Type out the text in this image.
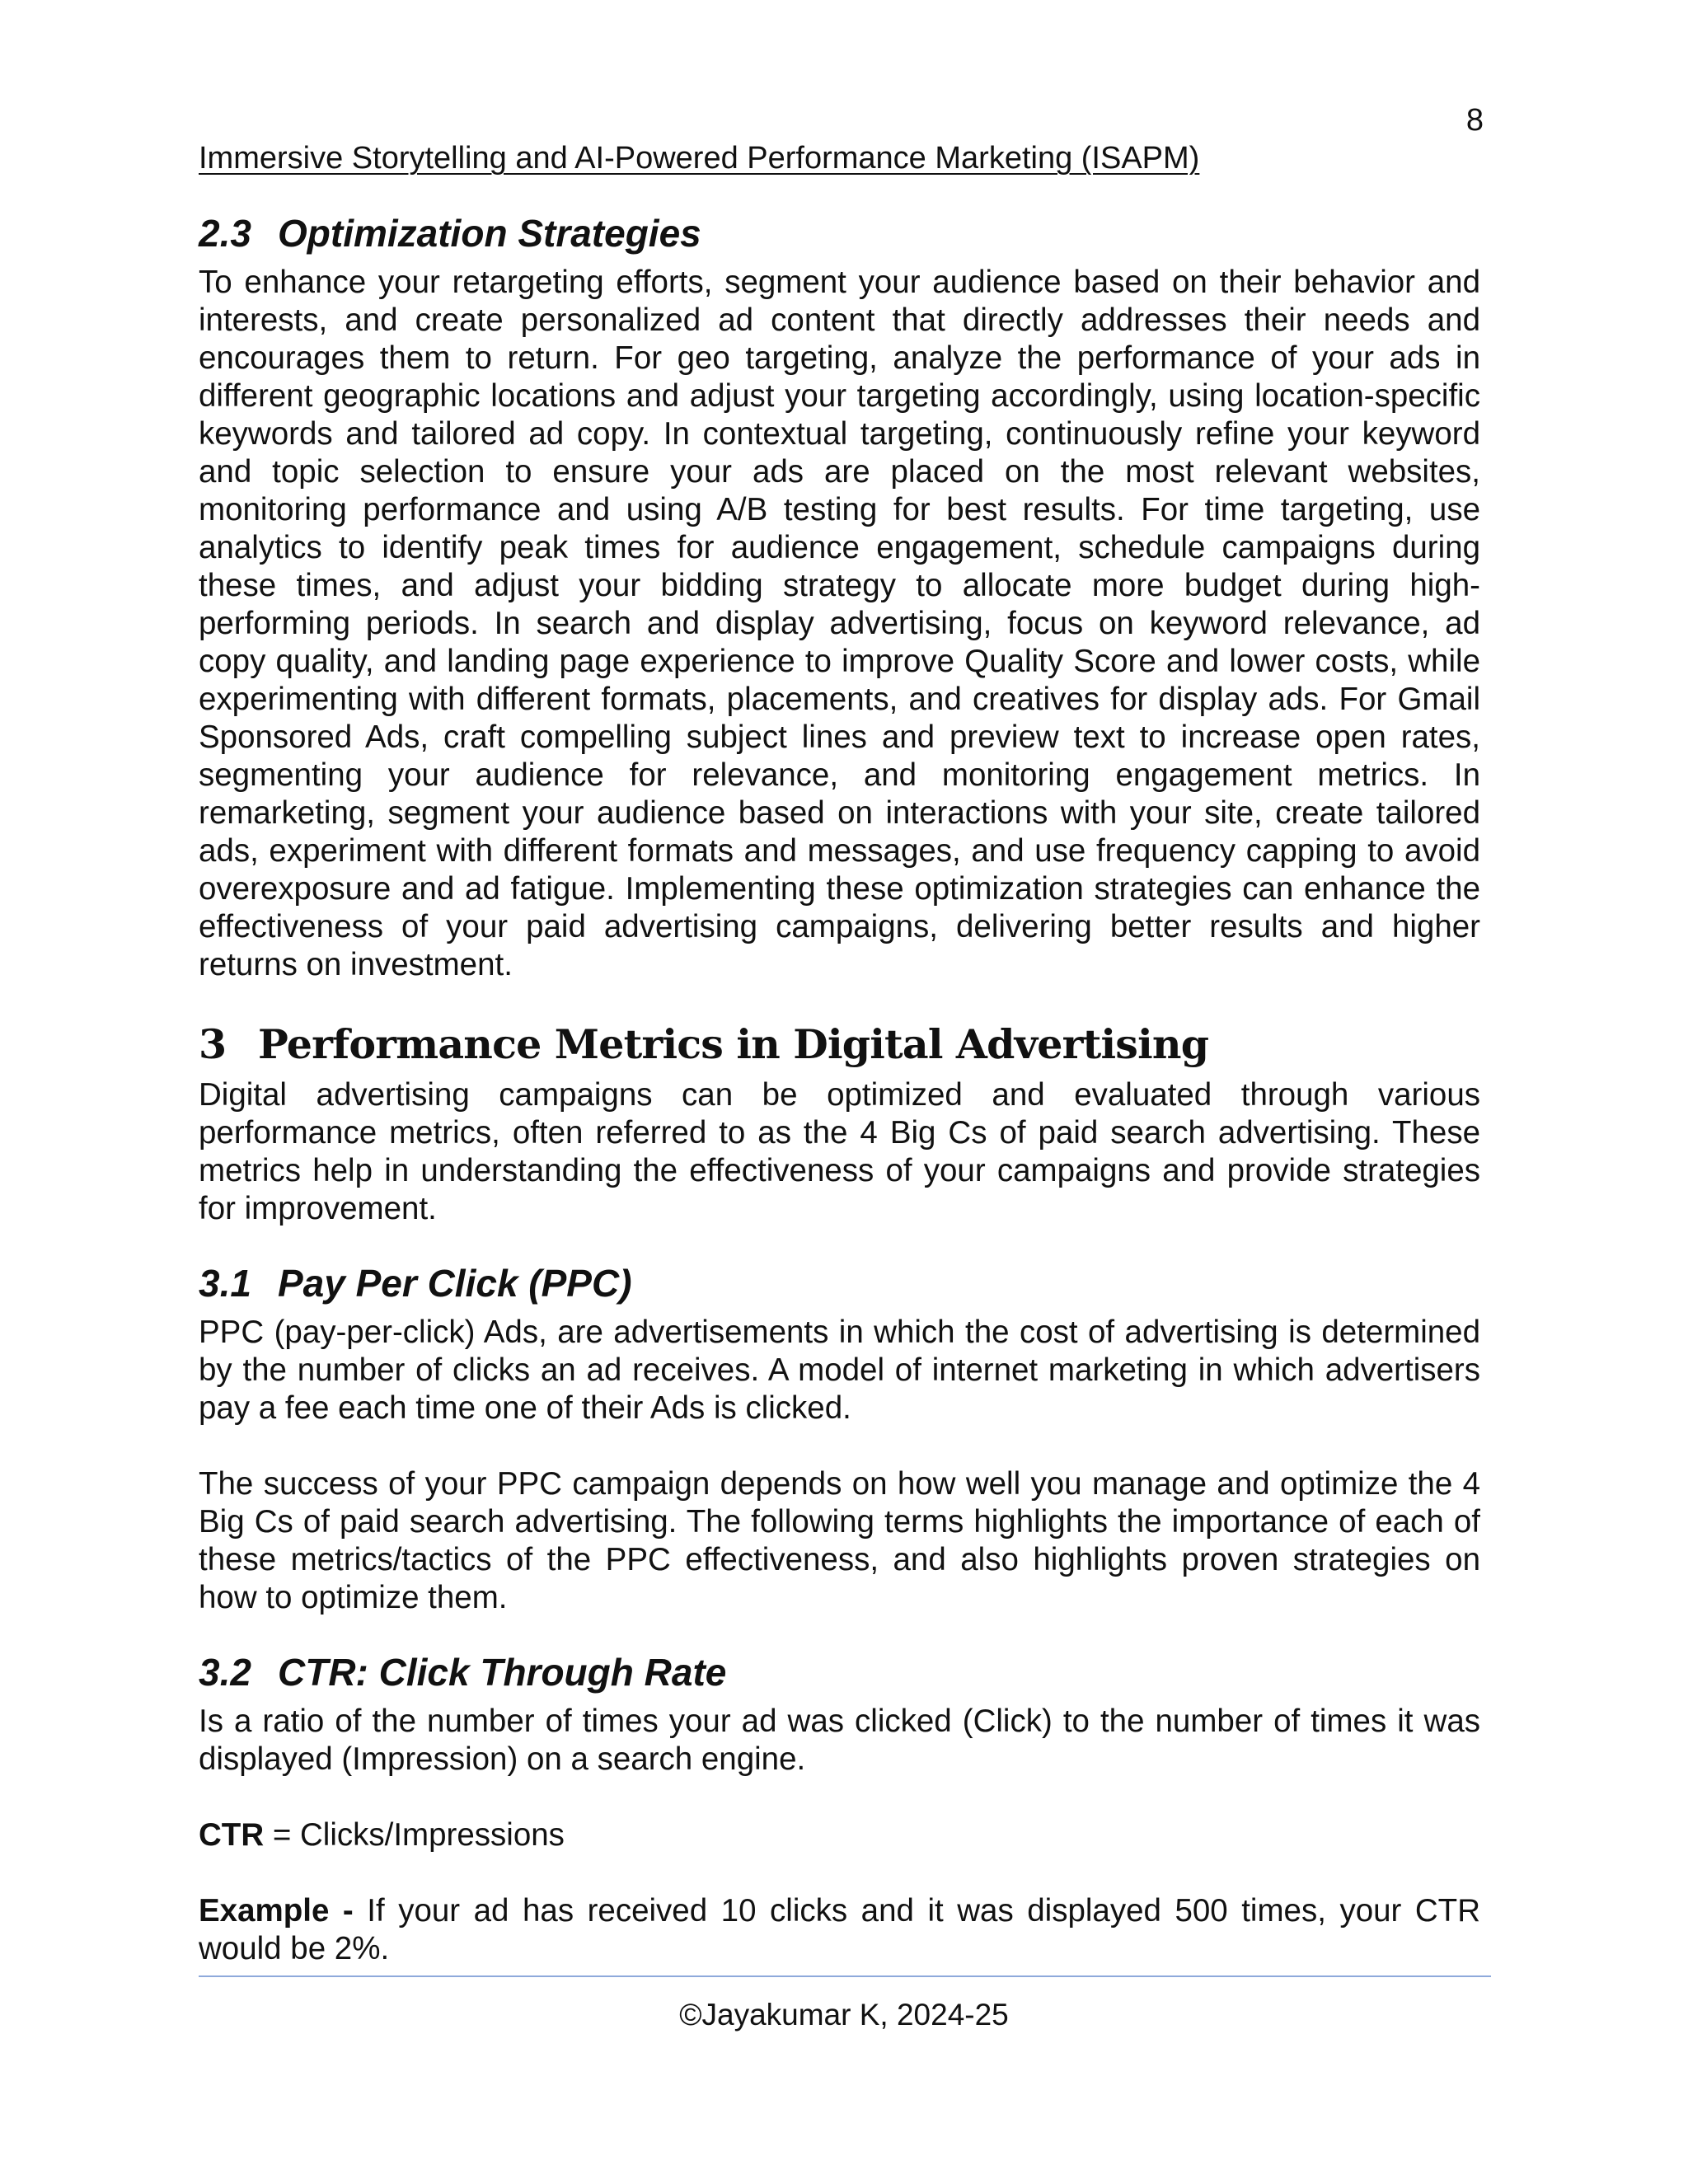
8
Immersive Storytelling and AI-Powered Performance Marketing (ISAPM)
2.3 Optimization Strategies

To enhance your retargeting efforts, segment your audience based on their behavior and interests, and create personalized ad content that directly addresses their needs and encourages them to return. For geo targeting, analyze the performance of your ads in different geographic locations and adjust your targeting accordingly, using location-specific keywords and tailored ad copy. In contextual targeting, continuously refine your keyword and topic selection to ensure your ads are placed on the most relevant websites, monitoring performance and using A/B testing for best results. For time targeting, use analytics to identify peak times for audience engagement, schedule campaigns during these times, and adjust your bidding strategy to allocate more budget during high-performing periods. In search and display advertising, focus on keyword relevance, ad copy quality, and landing page experience to improve Quality Score and lower costs, while experimenting with different formats, placements, and creatives for display ads. For Gmail Sponsored Ads, craft compelling subject lines and preview text to increase open rates, segmenting your audience for relevance, and monitoring engagement metrics. In remarketing, segment your audience based on interactions with your site, create tailored ads, experiment with different formats and messages, and use frequency capping to avoid overexposure and ad fatigue. Implementing these optimization strategies can enhance the effectiveness of your paid advertising campaigns, delivering better results and higher returns on investment.

3 Performance Metrics in Digital Advertising

Digital advertising campaigns can be optimized and evaluated through various performance metrics, often referred to as the 4 Big Cs of paid search advertising. These metrics help in understanding the effectiveness of your campaigns and provide strategies for improvement.

3.1 Pay Per Click (PPC)

PPC (pay-per-click) Ads, are advertisements in which the cost of advertising is determined by the number of clicks an ad receives. A model of internet marketing in which advertisers pay a fee each time one of their Ads is clicked.

The success of your PPC campaign depends on how well you manage and optimize the 4 Big Cs of paid search advertising. The following terms highlights the importance of each of these metrics/tactics of the PPC effectiveness, and also highlights proven strategies on how to optimize them.

3.2 CTR: Click Through Rate

Is a ratio of the number of times your ad was clicked (Click) to the number of times it was displayed (Impression) on a search engine.

CTR = Clicks/Impressions

Example - If your ad has received 10 clicks and it was displayed 500 times, your CTR would be 2%.

©Jayakumar K, 2024-25
